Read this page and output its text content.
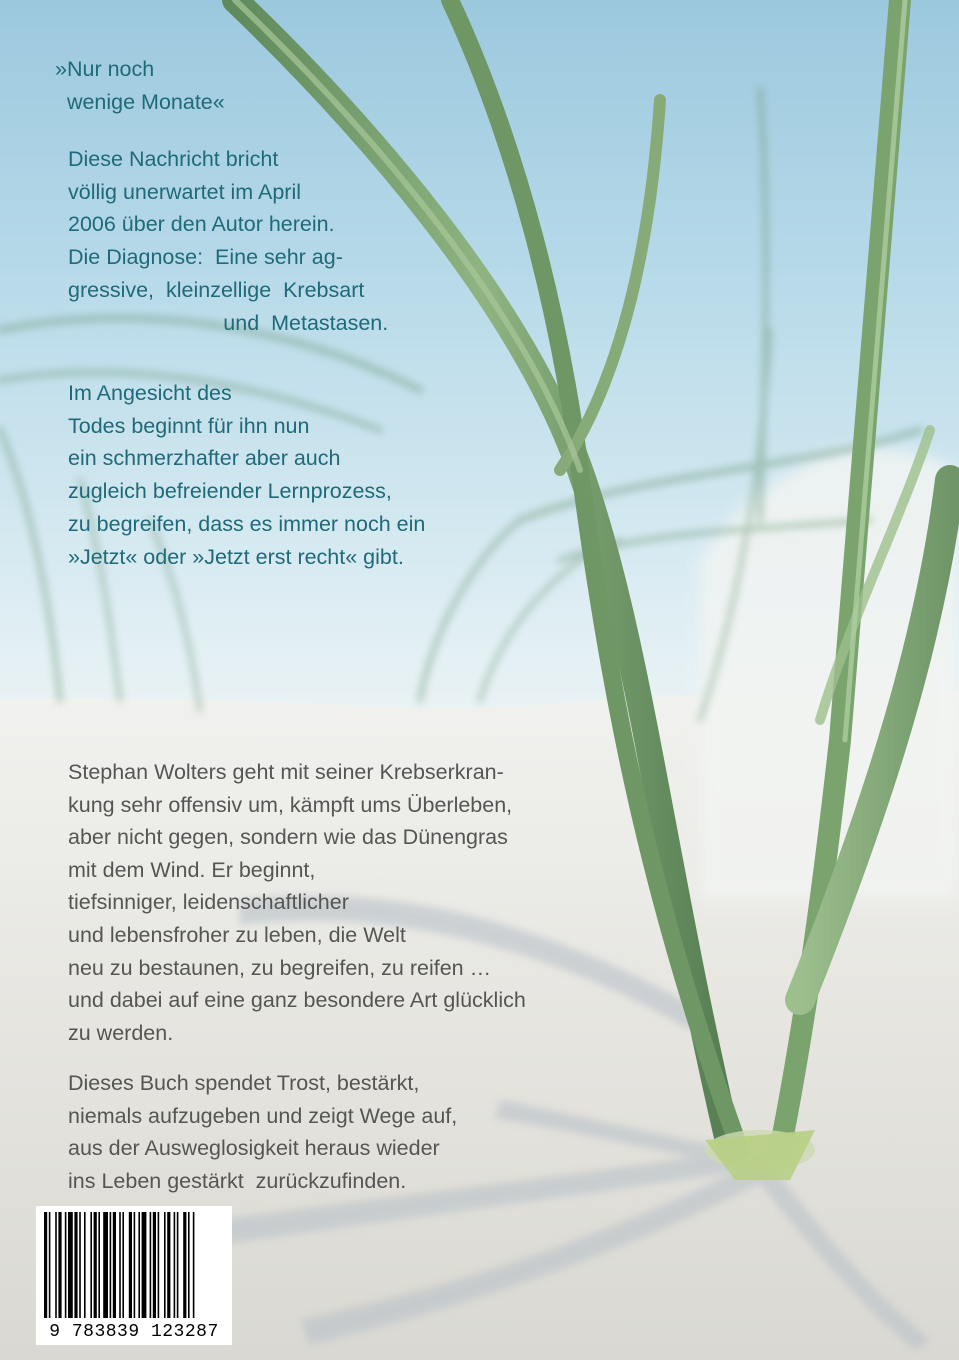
»Nur noch
wenige Monate«

Diese Nachricht bricht
völlig unerwartet im April
2006 über den Autor herein.
Die Diagnose:  Eine sehr ag-
gressive,  kleinzellige  Krebsart
und  Metastasen.

Im Angesicht des
Todes beginnt für ihn nun
ein schmerzhafter aber auch
zugleich befreiender Lernprozess,
zu begreifen, dass es immer noch ein
»Jetzt« oder »Jetzt erst recht« gibt.

Stephan Wolters geht mit seiner Krebserkran-
kung sehr offensiv um, kämpft ums Überleben,
aber nicht gegen, sondern wie das Dünengras
mit dem Wind. Er beginnt,
tiefsinniger, leidenschaftlicher
und lebensfroher zu leben, die Welt
neu zu bestaunen, zu begreifen, zu reifen …
und dabei auf eine ganz besondere Art glücklich
zu werden.

Dieses Buch spendet Trost, bestärkt,
niemals aufzugeben und zeigt Wege auf,
aus der Ausweglosigkeit heraus wieder
ins Leben gestärkt  zurückzufinden.

9 783839 123287
